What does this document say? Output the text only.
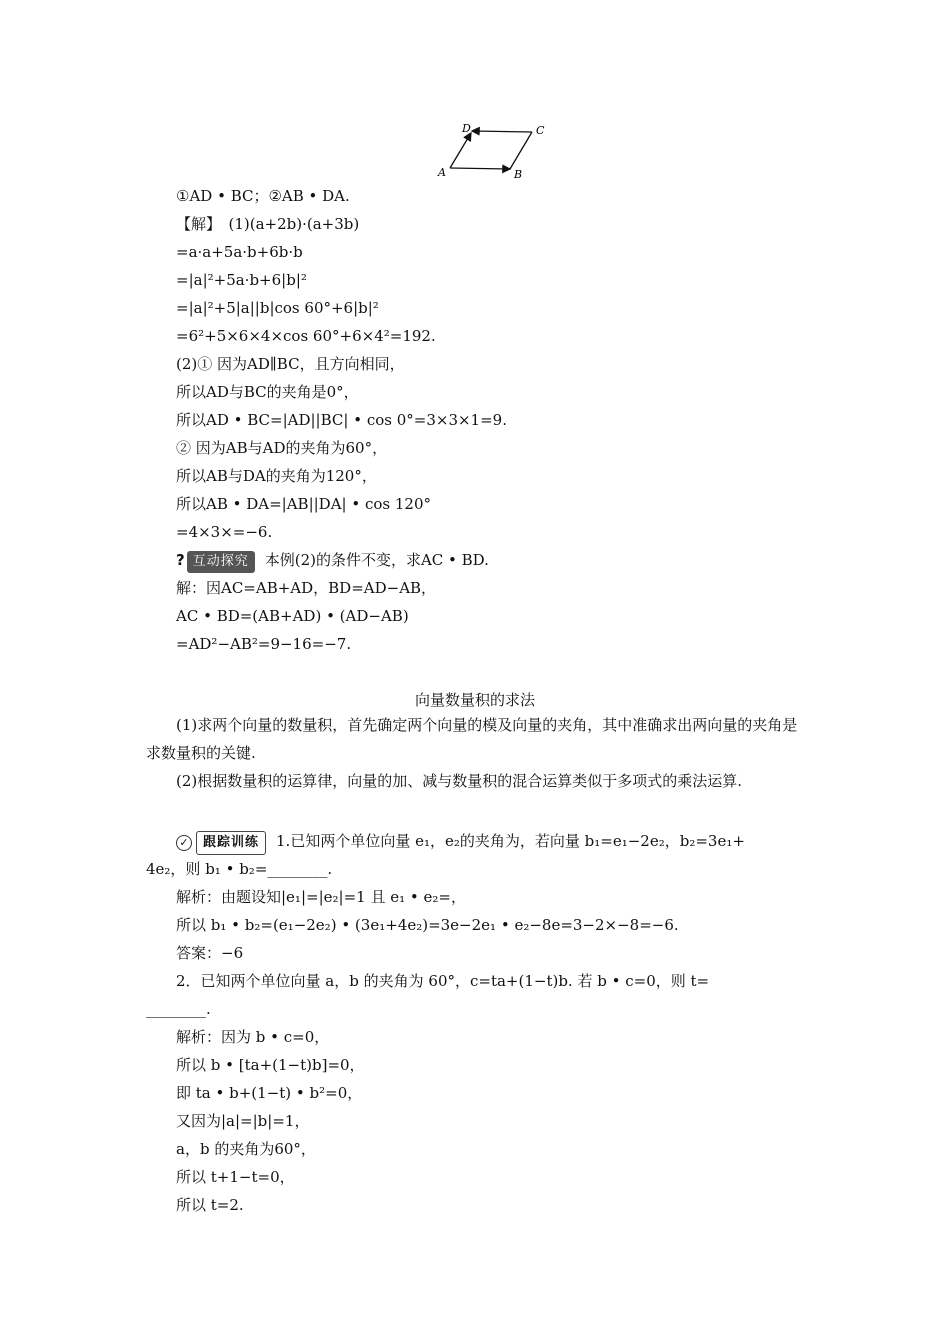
D	C
A	B
①AD • BC；②AB • DA.
【解】　(1)(a+2b)·(a+3b)
=a·a+5a·b+6b·b
=|a|²+5a·b+6|b|²
=|a|²+5|a||b|cos 60°+6|b|²
=6²+5×6×4×cos 60°+6×4²=192.
(2)① 因为AD∥BC，且方向相同，
所以AD与BC的夹角是0°，
所以AD • BC=|AD||BC| • cos 0°=3×3×1=9.
② 因为AB与AD的夹角为60°，
所以AB与DA的夹角为120°，
所以AB • DA=|AB||DA| • cos 120°
=4×3×=−6.
? 互动探究 本例(2)的条件不变，求AC • BD.
解：因AC=AB+AD，BD=AD−AB，
AC • BD=(AB+AD) • (AD−AB)
=AD²−AB²=9−16=−7.
向量数量积的求法
(1)求两个向量的数量积，首先确定两个向量的模及向量的夹角，其中准确求出两向量的夹角是求数量积的关键.
(2)根据数量积的运算律，向量的加、减与数量积的混合运算类似于多项式的乘法运算.
✓ 跟踪训练 1.已知两个单位向量 e₁，e₂的夹角为，若向量 b₁=e₁−2e₂，b₂=3e₁+
4e₂，则 b₁ • b₂=________.
解析：由题设知|e₁|=|e₂|=1 且 e₁ • e₂=，
所以 b₁ • b₂=(e₁−2e₂) • (3e₁+4e₂)=3e−2e₁ • e₂−8e=3−2×−8=−6.
答案：−6
2．已知两个单位向量 a，b 的夹角为 60°，c=ta+(1−t)b. 若 b • c=0，则 t=
________.
解析：因为 b • c=0，
所以 b • [ta+(1−t)b]=0，
即 ta • b+(1−t) • b²=0，
又因为|a|=|b|=1，
a，b 的夹角为60°，
所以 t+1−t=0，
所以 t=2.
